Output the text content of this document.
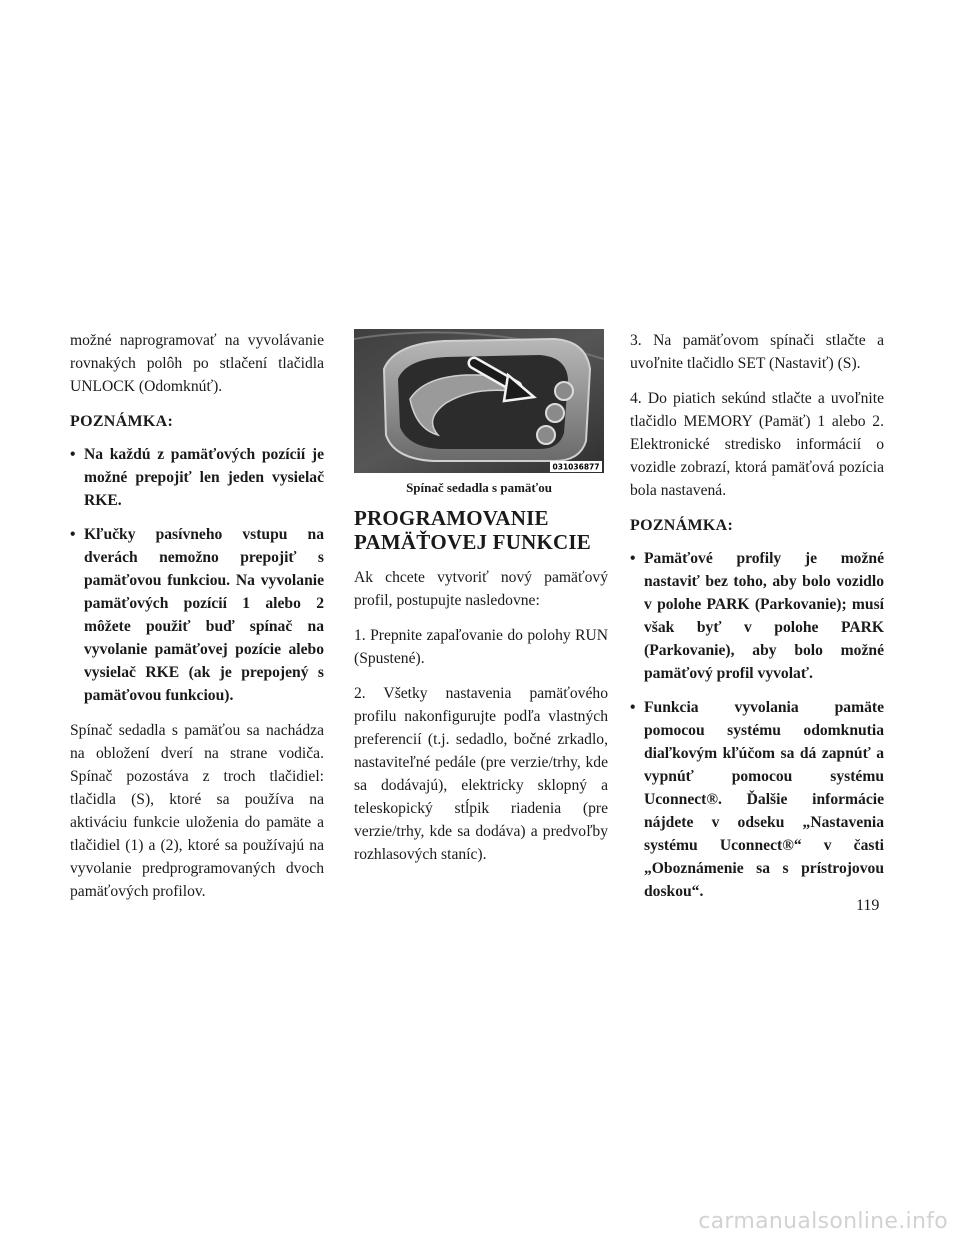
možné naprogramovať na vyvolávanie rovnakých polôh po stlačení tlačidla UNLOCK (Odomknúť).

POZNÁMKA:
• Na každú z pamäťových pozícií je možné prepojiť len jeden vysielač RKE.
• Kľučky pasívneho vstupu na dverách nemožno prepojiť s pamäťovou funkciou. Na vyvolanie pamäťových pozícií 1 alebo 2 môžete použiť buď spínač na vyvolanie pamäťovej pozície alebo vysielač RKE (ak je prepojený s pamäťovou funkciou).

Spínač sedadla s pamäťou sa nachádza na obložení dverí na strane vodiča. Spínač pozostáva z troch tlačidiel: tlačidla (S), ktoré sa používa na aktiváciu funkcie uloženia do pamäte a tlačidiel (1) a (2), ktoré sa používajú na vyvolanie predprogramovaných dvoch pamäťových profilov.

031036877
Spínač sedadla s pamäťou
PROGRAMOVANIE
PAMÄŤOVEJ FUNKCIE

Ak chcete vytvoriť nový pamäťový profil, postupujte nasledovne:

1. Prepnite zapaľovanie do polohy RUN (Spustené).

2. Všetky nastavenia pamäťového profilu nakonfigurujte podľa vlastných preferencií (t.j. sedadlo, bočné zrkadlo, nastaviteľné pedále (pre verzie/trhy, kde sa dodávajú), elektricky sklopný a teleskopický stĺpik riadenia (pre verzie/trhy, kde sa dodáva) a predvoľby rozhlasových staníc).

3. Na pamäťovom spínači stlačte a uvoľnite tlačidlo SET (Nastaviť) (S).

4. Do piatich sekúnd stlačte a uvoľnite tlačidlo MEMORY (Pamäť) 1 alebo 2. Elektronické stredisko informácií o vozidle zobrazí, ktorá pamäťová pozícia bola nastavená.

POZNÁMKA:
• Pamäťové profily je možné nastaviť bez toho, aby bolo vozidlo v polohe PARK (Parkovanie); musí však byť v polohe PARK (Parkovanie), aby bolo možné pamäťový profil vyvolať.
• Funkcia vyvolania pamäte pomocou systému odomknutia diaľkovým kľúčom sa dá zapnúť a vypnúť pomocou systému Uconnect®. Ďalšie informácie nájdete v odseku „Nastavenia systému Uconnect®“ v časti „Oboznámenie sa s prístrojovou doskou“.
119
carmanualsonline.info
